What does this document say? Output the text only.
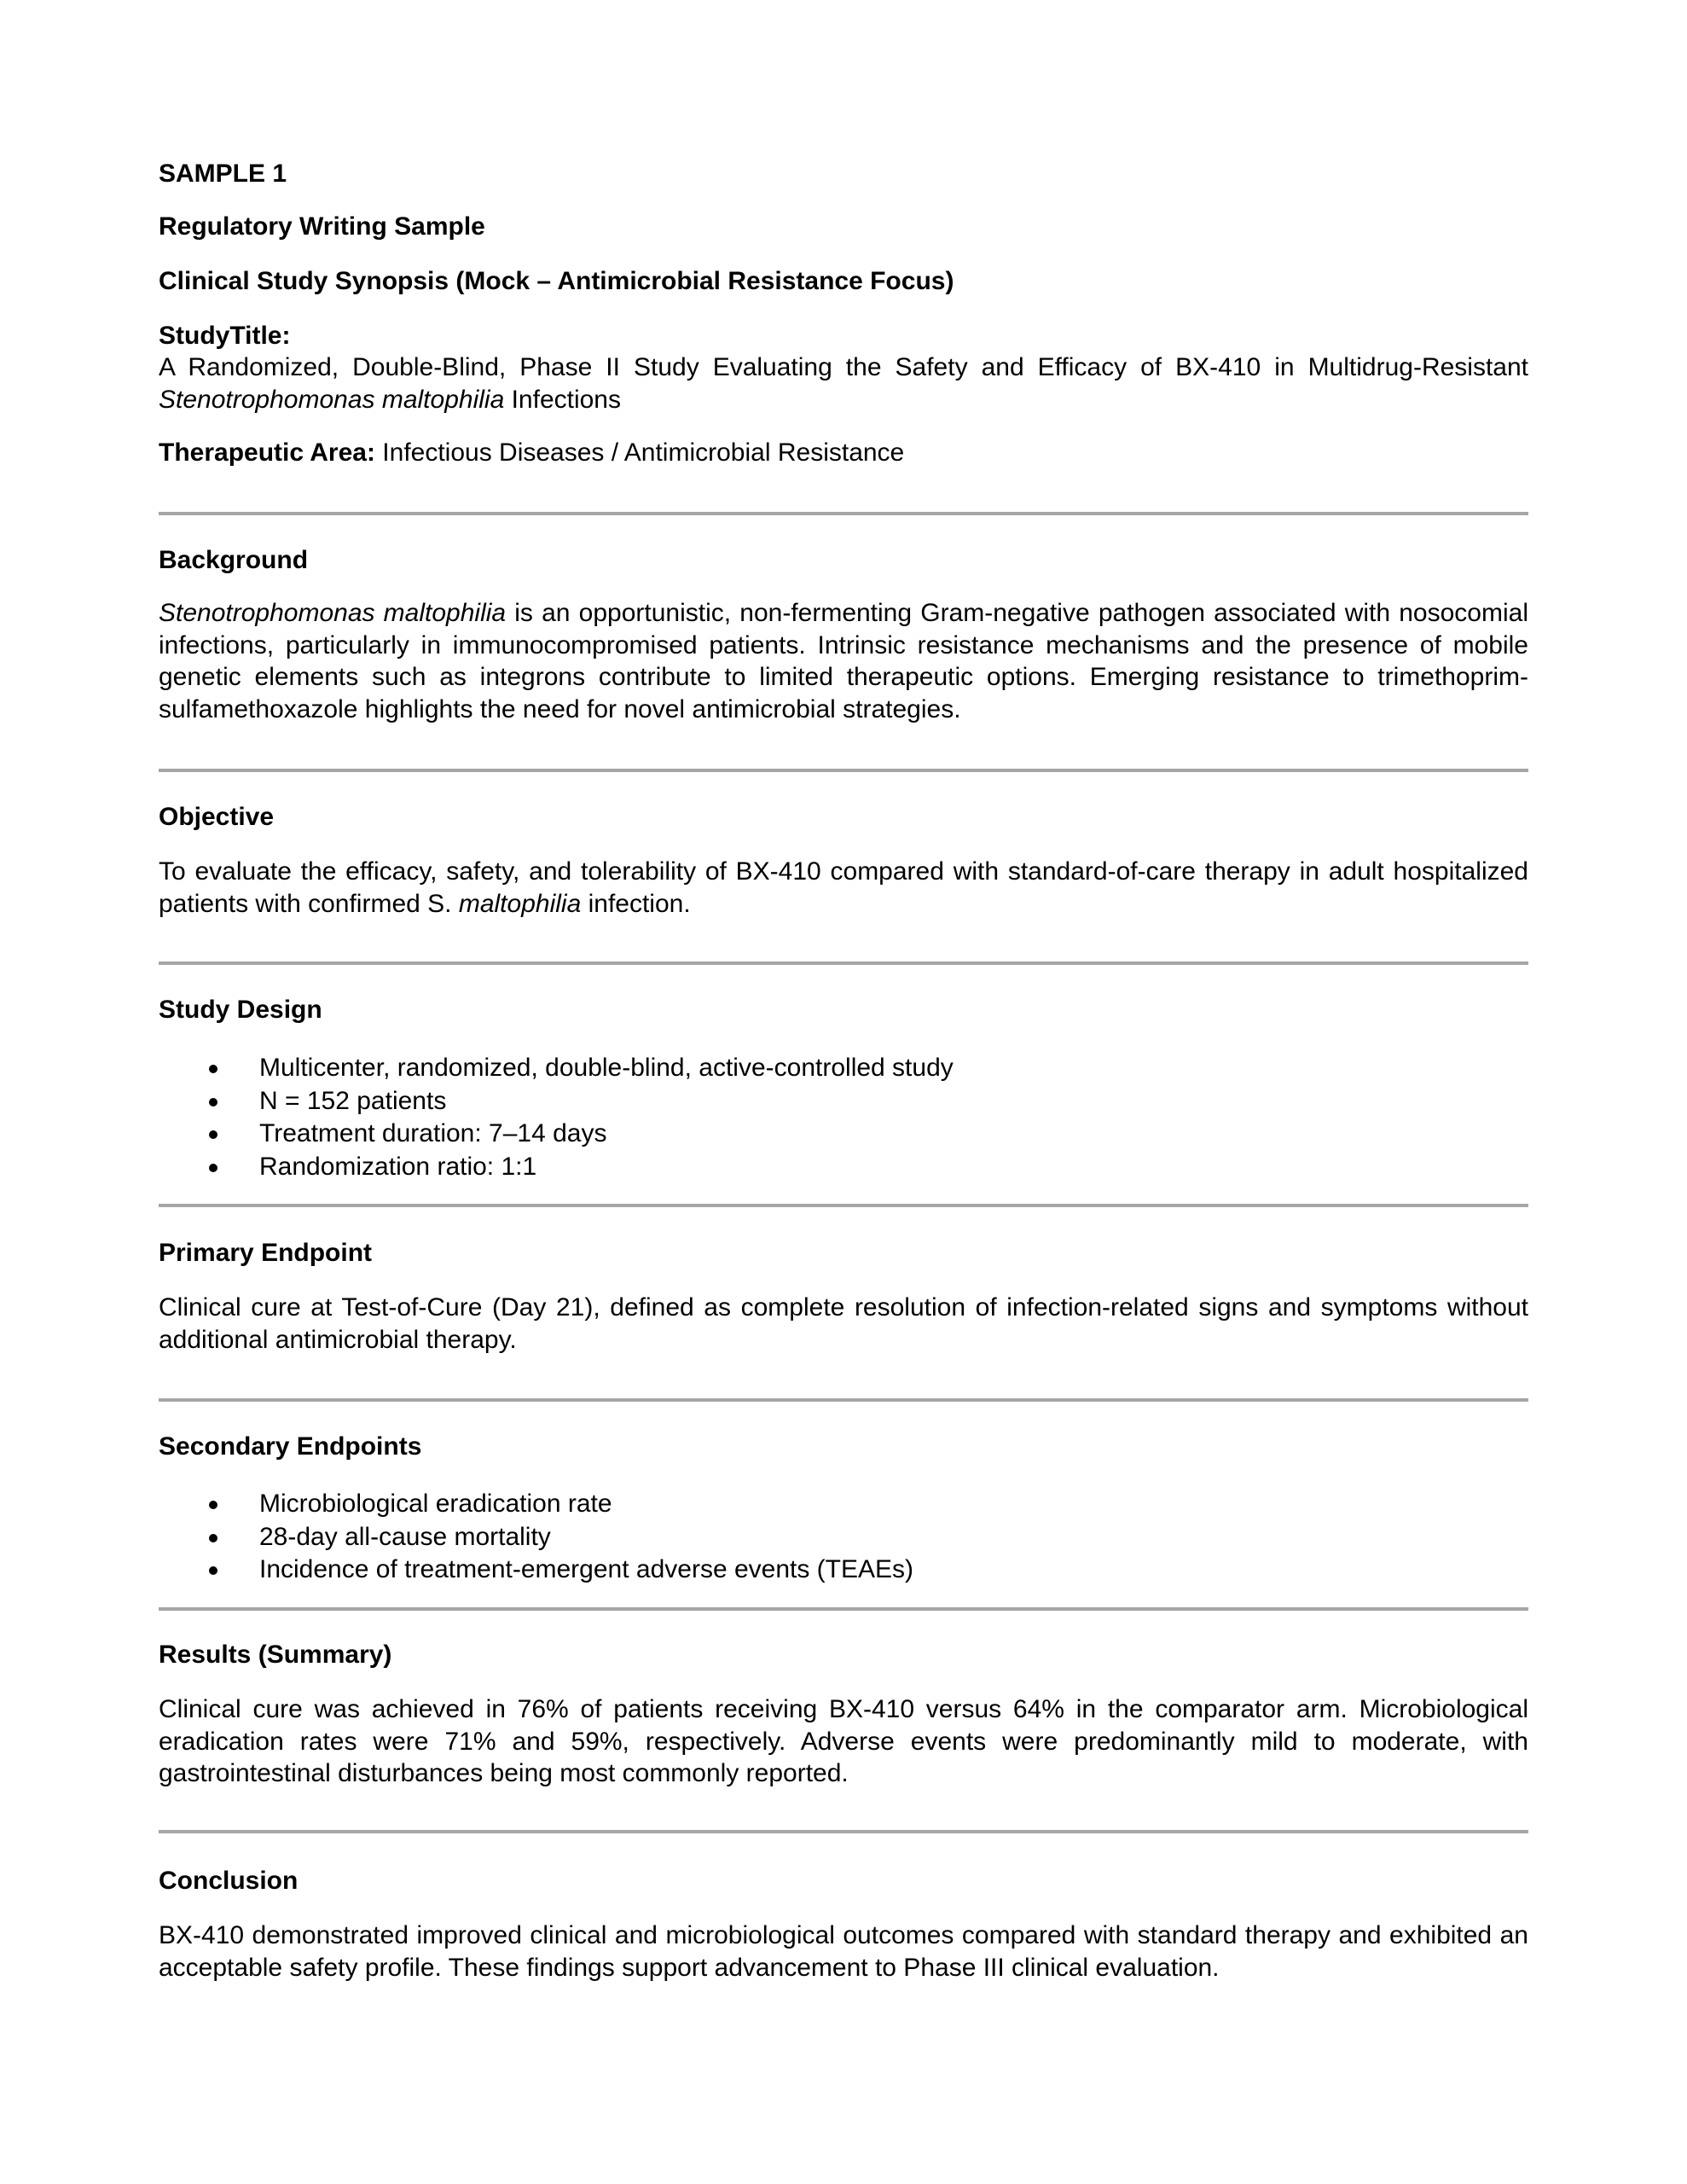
SAMPLE 1
Regulatory Writing Sample
Clinical Study Synopsis (Mock – Antimicrobial Resistance Focus)
StudyTitle:
A Randomized, Double-Blind, Phase II Study Evaluating the Safety and Efficacy of BX-410 in Multidrug-Resistant Stenotrophomonas maltophilia Infections
Therapeutic Area: Infectious Diseases / Antimicrobial Resistance
Background
Stenotrophomonas maltophilia is an opportunistic, non-fermenting Gram-negative pathogen associated with nosocomial infections, particularly in immunocompromised patients. Intrinsic resistance mechanisms and the presence of mobile genetic elements such as integrons contribute to limited therapeutic options. Emerging resistance to trimethoprim-sulfamethoxazole highlights the need for novel antimicrobial strategies.
Objective
To evaluate the efficacy, safety, and tolerability of BX-410 compared with standard-of-care therapy in adult hospitalized patients with confirmed S. maltophilia infection.
Study Design
Multicenter, randomized, double-blind, active-controlled study
N = 152 patients
Treatment duration: 7–14 days
Randomization ratio: 1:1
Primary Endpoint
Clinical cure at Test-of-Cure (Day 21), defined as complete resolution of infection-related signs and symptoms without additional antimicrobial therapy.
Secondary Endpoints
Microbiological eradication rate
28-day all-cause mortality
Incidence of treatment-emergent adverse events (TEAEs)
Results (Summary)
Clinical cure was achieved in 76% of patients receiving BX-410 versus 64% in the comparator arm. Microbiological eradication rates were 71% and 59%, respectively. Adverse events were predominantly mild to moderate, with gastrointestinal disturbances being most commonly reported.
Conclusion
BX-410 demonstrated improved clinical and microbiological outcomes compared with standard therapy and exhibited an acceptable safety profile. These findings support advancement to Phase III clinical evaluation.
